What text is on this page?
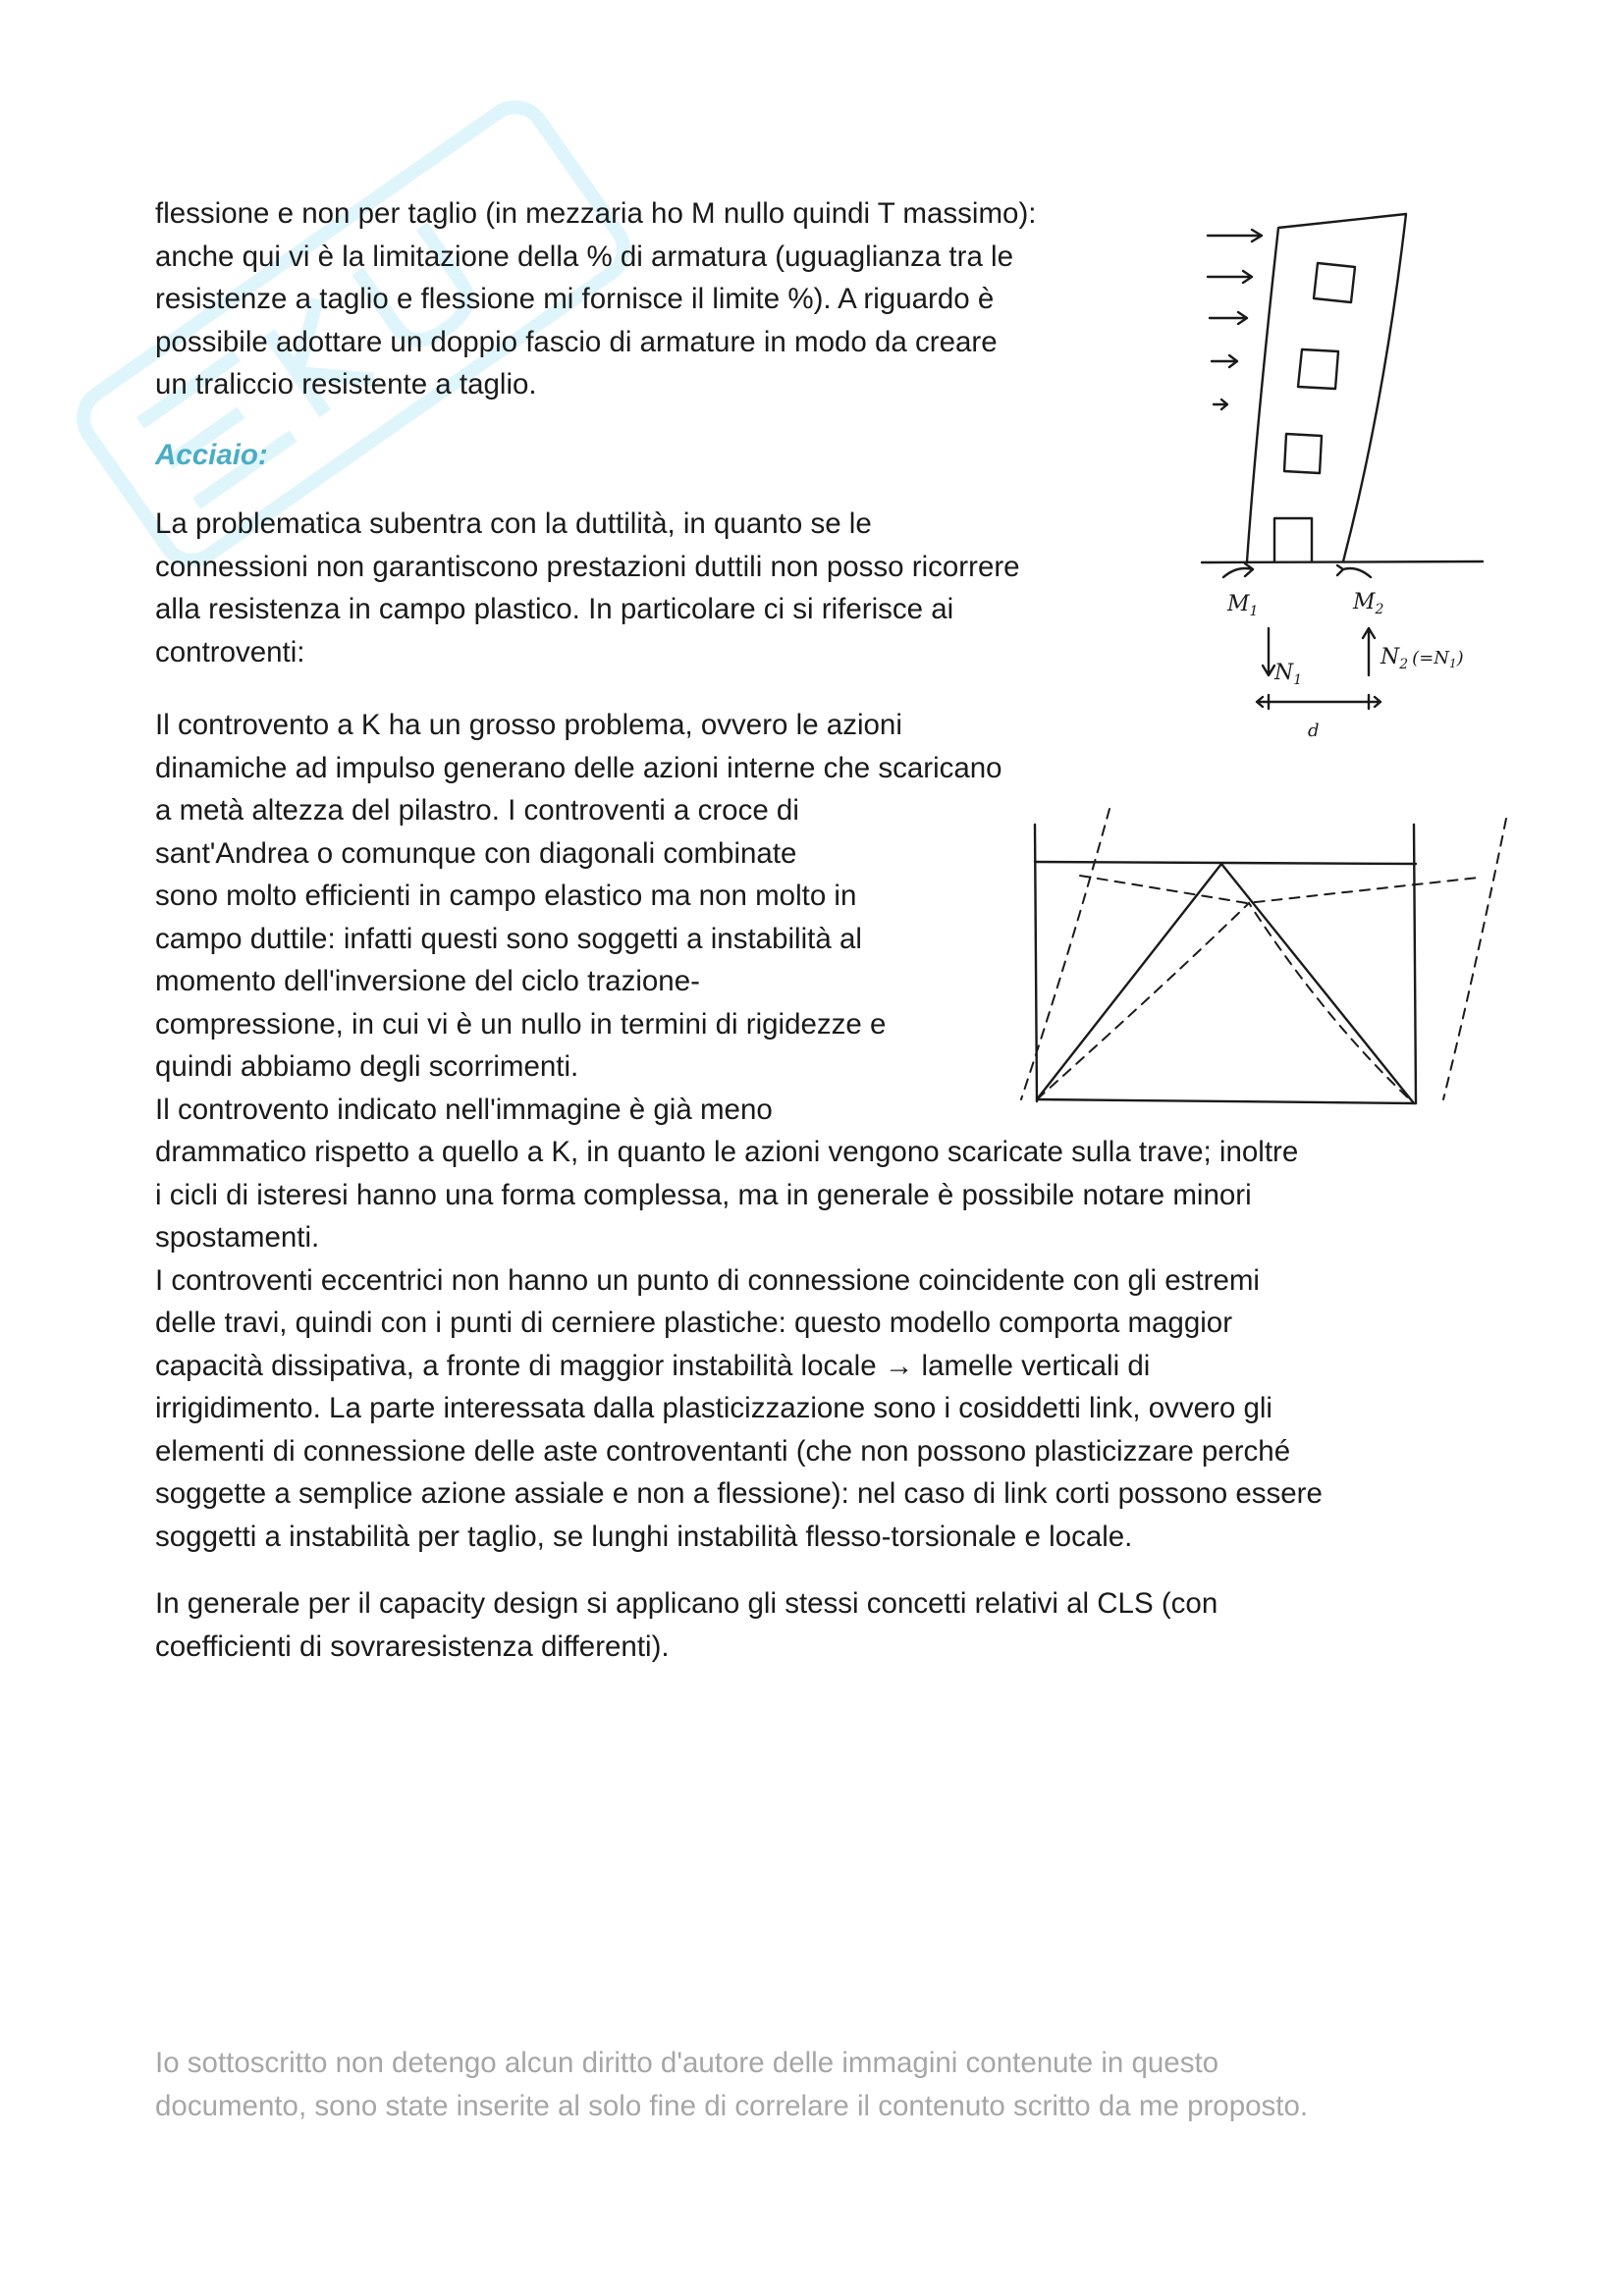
flessione e non per taglio (in mezzaria ho M nullo quindi T massimo):
anche qui vi è la limitazione della % di armatura (uguaglianza tra le
resistenze a taglio e flessione mi fornisce il limite %). A riguardo è
possibile adottare un doppio fascio di armature in modo da creare
un traliccio resistente a taglio.

Acciaio:

La problematica subentra con la duttilità, in quanto se le
connessioni non garantiscono prestazioni duttili non posso ricorrere
alla resistenza in campo plastico. In particolare ci si riferisce ai
controventi:

Il controvento a K ha un grosso problema, ovvero le azioni
dinamiche ad impulso generano delle azioni interne che scaricano
a metà altezza del pilastro. I controventi a croce di
sant'Andrea o comunque con diagonali combinate
sono molto efficienti in campo elastico ma non molto in
campo duttile: infatti questi sono soggetti a instabilità al
momento dell'inversione del ciclo trazione-
compressione, in cui vi è un nullo in termini di rigidezze e
quindi abbiamo degli scorrimenti.
Il controvento indicato nell'immagine è già meno
drammatico rispetto a quello a K, in quanto le azioni vengono scaricate sulla trave; inoltre
i cicli di isteresi hanno una forma complessa, ma in generale è possibile notare minori
spostamenti.
I controventi eccentrici non hanno un punto di connessione coincidente con gli estremi
delle travi, quindi con i punti di cerniere plastiche: questo modello comporta maggior
capacità dissipativa, a fronte di maggior instabilità locale → lamelle verticali di
irrigidimento. La parte interessata dalla plasticizzazione sono i cosiddetti link, ovvero gli
elementi di connessione delle aste controventanti (che non possono plasticizzare perché
soggette a semplice azione assiale e non a flessione): nel caso di link corti possono essere
soggetti a instabilità per taglio, se lunghi instabilità flesso-torsionale e locale.

In generale per il capacity design si applicano gli stessi concetti relativi al CLS (con
coefficienti di sovraresistenza differenti).

Io sottoscritto non detengo alcun diritto d'autore delle immagini contenute in questo
documento, sono state inserite al solo fine di correlare il contenuto scritto da me proposto.

$M_1$	$M_2$
$N_1$
$N_2$ $^{(=N}$1)
d
